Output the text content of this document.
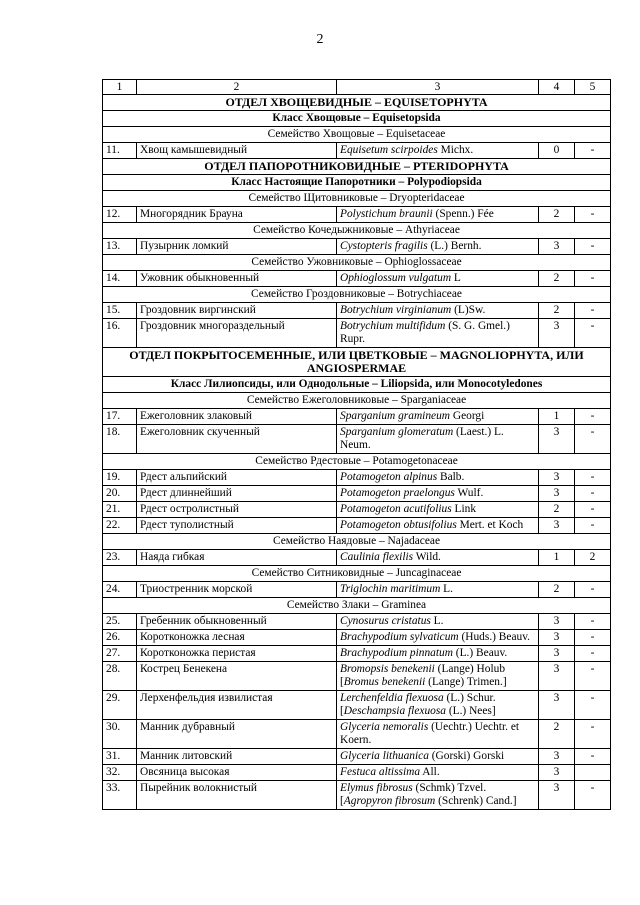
2
1	2	3	4	5
ОТДЕЛ ХВОЩЕВИДНЫЕ – EQUISETOPHYTA				
Класс Хвощовые – Equisetopsida				
Семейство Хвощовые – Equisetaceae				
11.	Хвощ камышевидный	Equisetum scirpoides Michx.	0	-
ОТДЕЛ ПАПОРОТНИКОВИДНЫЕ – PTERIDOPHYTA				
Класс Настоящие Папоротники – Polypodiopsida				
Семейство Щитовниковые – Dryopteridaceae				
12.	Многорядник Брауна	Polystichum braunii (Spenn.) Fée	2	-
Семейство Кочедыжниковые – Athyriaceae				
13.	Пузырник ломкий	Cystopteris fragilis (L.) Bernh.	3	-
Семейство Ужовниковые – Ophioglossaceae				
14.	Ужовник обыкновенный	Ophioglossum vulgatum L	2	-
Семейство Гроздовниковые – Botrychiaceae				
15.	Гроздовник виргинский	Botrychium virginianum (L)Sw.	2	-
16.	Гроздовник многораздельный	Botrychium multifidum (S. G. Gmel.) Rupr.	3	-
ОТДЕЛ ПОКРЫТОСЕМЕННЫЕ, ИЛИ ЦВЕТКОВЫЕ – MAGNOLIOPHYTA, ИЛИ ANGIOSPERMAE				
Класс Лилиопсиды, или Однодольные – Liliopsida, или Monocotyledones				
Семейство Ежеголовниковые – Sparganiaceae				
17.	Ежеголовник злаковый	Sparganium gramineum Georgi	1	-
18.	Ежеголовник скученный	Sparganium glomeratum (Laest.) L. Neum.	3	-
Семейство Рдестовые – Potamogetonaceae				
19.	Рдест альпийский	Potamogeton alpinus Balb.	3	-
20.	Рдест длиннейший	Potamogeton praelongus Wulf.	3	-
21.	Рдест остролистный	Potamogeton acutifolius Link	2	-
22.	Рдест туполистный	Potamogeton obtusifolius Mert. et Koch	3	-
Семейство Наядовые – Najadaceae				
23.	Наяда гибкая	Caulinia flexilis Wild.	1	2
Семейство Ситниковидные – Juncaginaceae				
24.	Триостренник морской	Triglochin maritimum L.	2	-
Семейство Злаки – Graminea				
25.	Гребенник обыкновенный	Cynosurus cristatus L.	3	-
26.	Коротконожка лесная	Brachypodium sylvaticum (Huds.) Beauv.	3	-
27.	Коротконожка перистая	Brachypodium pinnatum (L.) Beauv.	3	-
28.	Кострец Бенекена	Bromopsis benekenii (Lange) Holub
[Bromus benekenii (Lange) Trimen.]	3	-
29.	Лерхенфельдия извилистая	Lerchenfeldia flexuosa (L.) Schur.
[Deschampsia flexuosa (L.) Nees]	3	-
30.	Манник дубравный	Glyceria nemoralis (Uechtr.) Uechtr. et Koern.	2	-
31.	Манник литовский	Glyceria lithuanica (Gorski) Gorski	3	-
32.	Овсяница высокая	Festuca altissima All.	3	
33.	Пырейник волокнистый	Elymus fibrosus (Schmk) Tzvel.
[Agropyron fibrosum (Schrenk) Cand.]	3	-
